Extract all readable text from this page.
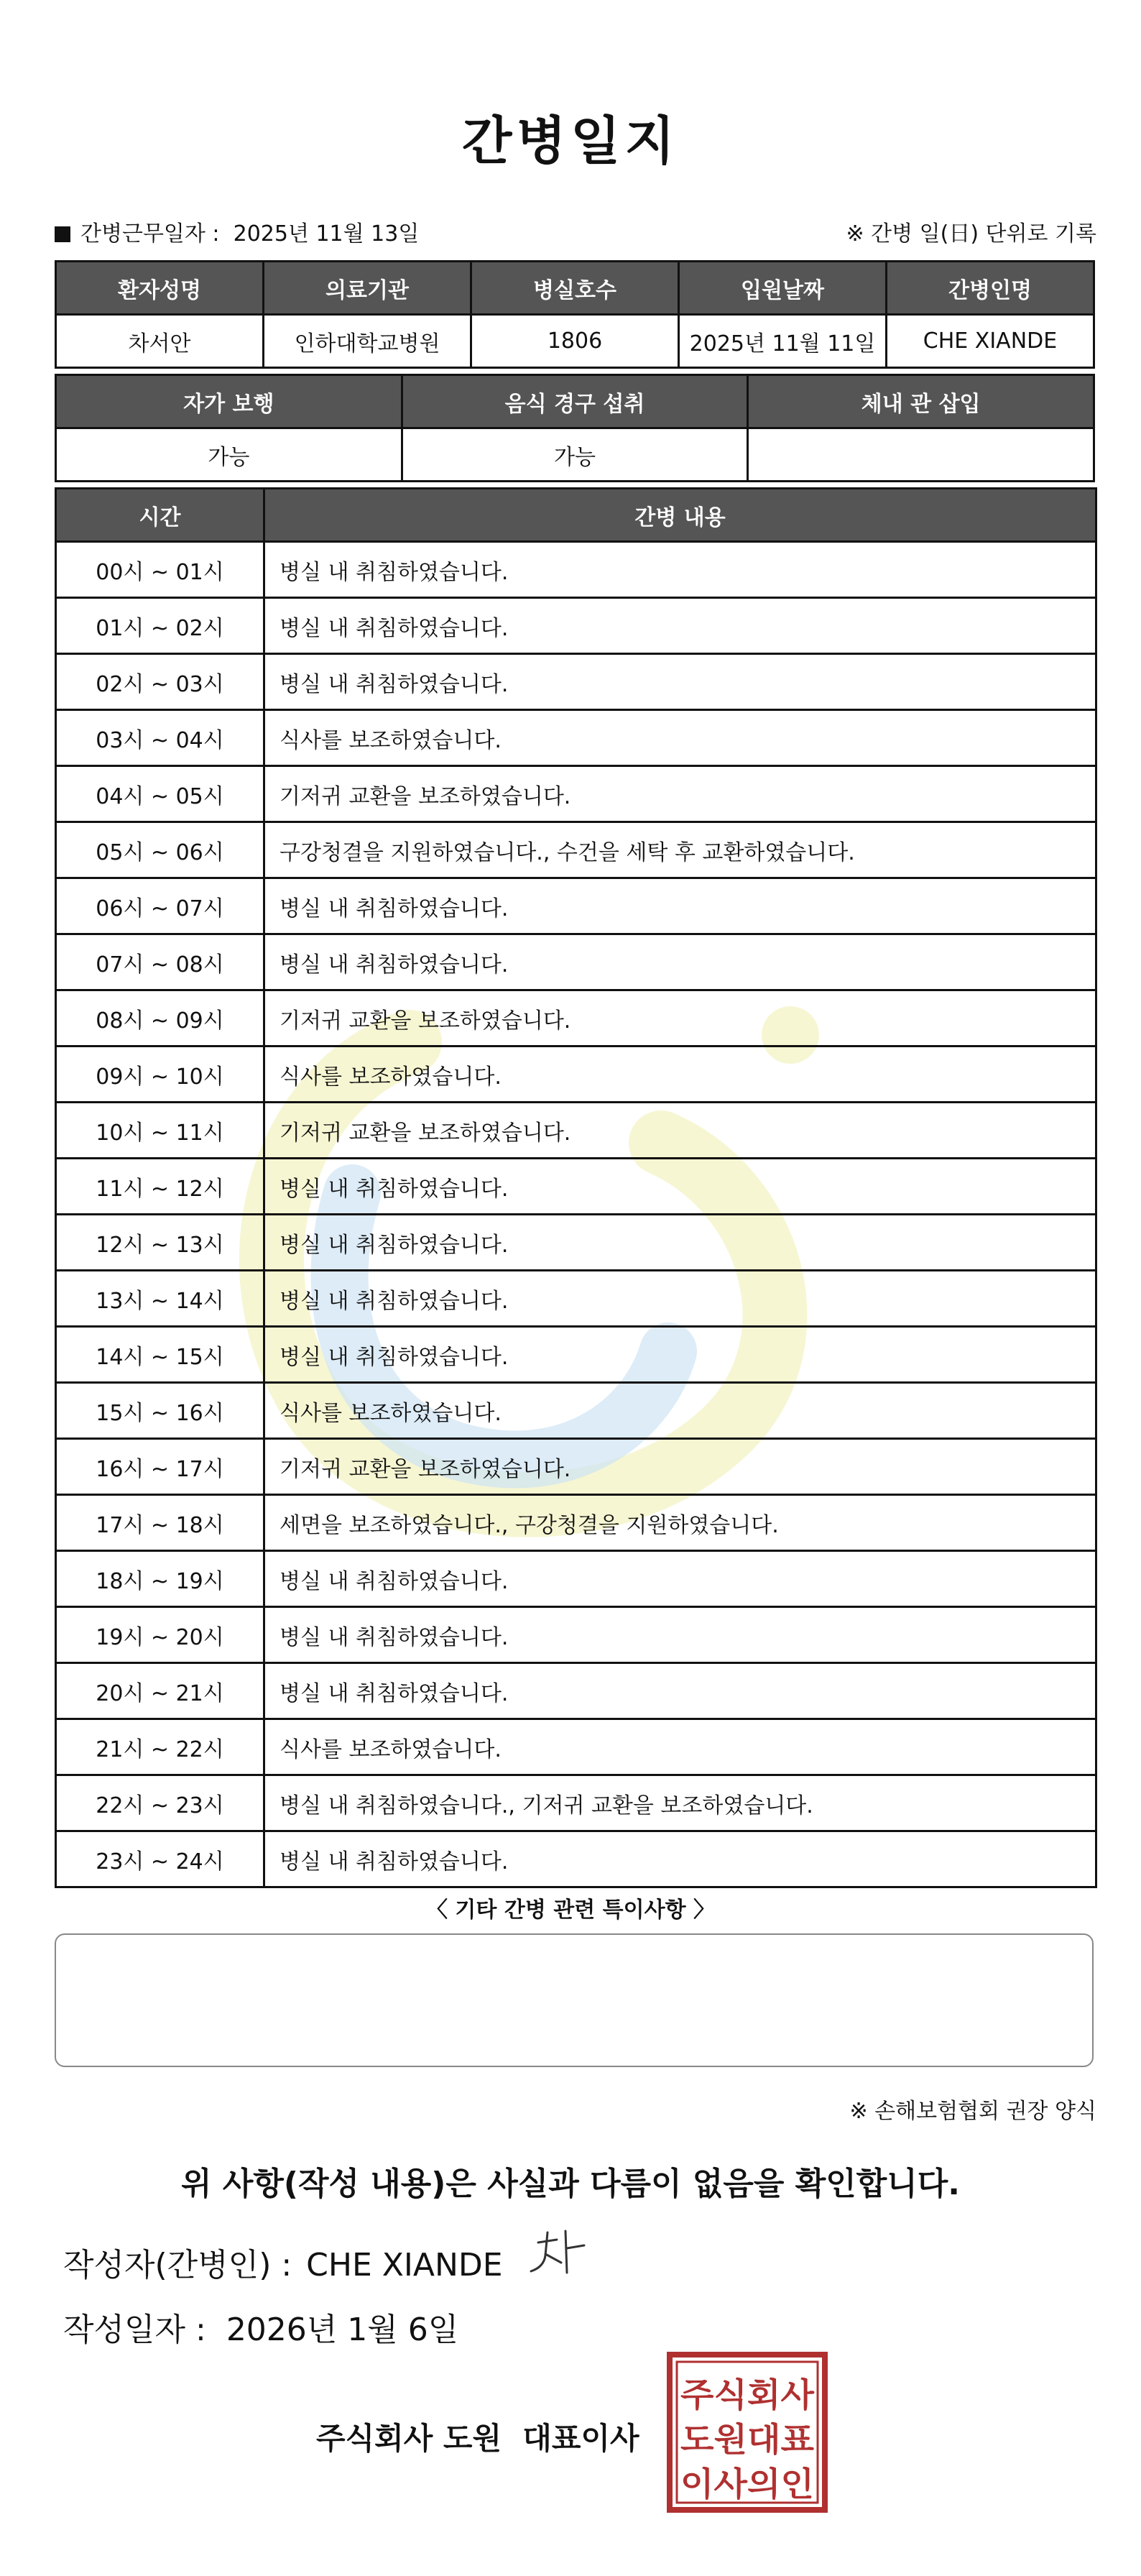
간병일지
간병근무일자 : 2025년 11월 13일	※ 간병 일(日) 단위로 기록
환자성명	의료기관	병실호수	입원날짜	간병인명
차서안	인하대학교병원	1806	2025년 11월 11일	CHE XIANDE
자가 보행	음식 경구 섭취	체내 관 삽입
가능	가능	
시간	간병 내용
00시 ~ 01시	병실 내 취침하였습니다.
01시 ~ 02시	병실 내 취침하였습니다.
02시 ~ 03시	병실 내 취침하였습니다.
03시 ~ 04시	식사를 보조하였습니다.
04시 ~ 05시	기저귀 교환을 보조하였습니다.
05시 ~ 06시	구강청결을 지원하였습니다., 수건을 세탁 후 교환하였습니다.
06시 ~ 07시	병실 내 취침하였습니다.
07시 ~ 08시	병실 내 취침하였습니다.
08시 ~ 09시	기저귀 교환을 보조하였습니다.
09시 ~ 10시	식사를 보조하였습니다.
10시 ~ 11시	기저귀 교환을 보조하였습니다.
11시 ~ 12시	병실 내 취침하였습니다.
12시 ~ 13시	병실 내 취침하였습니다.
13시 ~ 14시	병실 내 취침하였습니다.
14시 ~ 15시	병실 내 취침하였습니다.
15시 ~ 16시	식사를 보조하였습니다.
16시 ~ 17시	기저귀 교환을 보조하였습니다.
17시 ~ 18시	세면을 보조하였습니다., 구강청결을 지원하였습니다.
18시 ~ 19시	병실 내 취침하였습니다.
19시 ~ 20시	병실 내 취침하였습니다.
20시 ~ 21시	병실 내 취침하였습니다.
21시 ~ 22시	식사를 보조하였습니다.
22시 ~ 23시	병실 내 취침하였습니다., 기저귀 교환을 보조하였습니다.
23시 ~ 24시	병실 내 취침하였습니다.
〈 기타 간병 관련 특이사항 〉
※ 손해보험협회 권장 양식
위 사항(작성 내용)은 사실과 다름이 없음을 확인합니다.
작성자(간병인) : CHE XIANDE
작성일자 : 2026년 1월 6일
주식회사 도원  대표이사
주식회사
도원대표
이사의인
